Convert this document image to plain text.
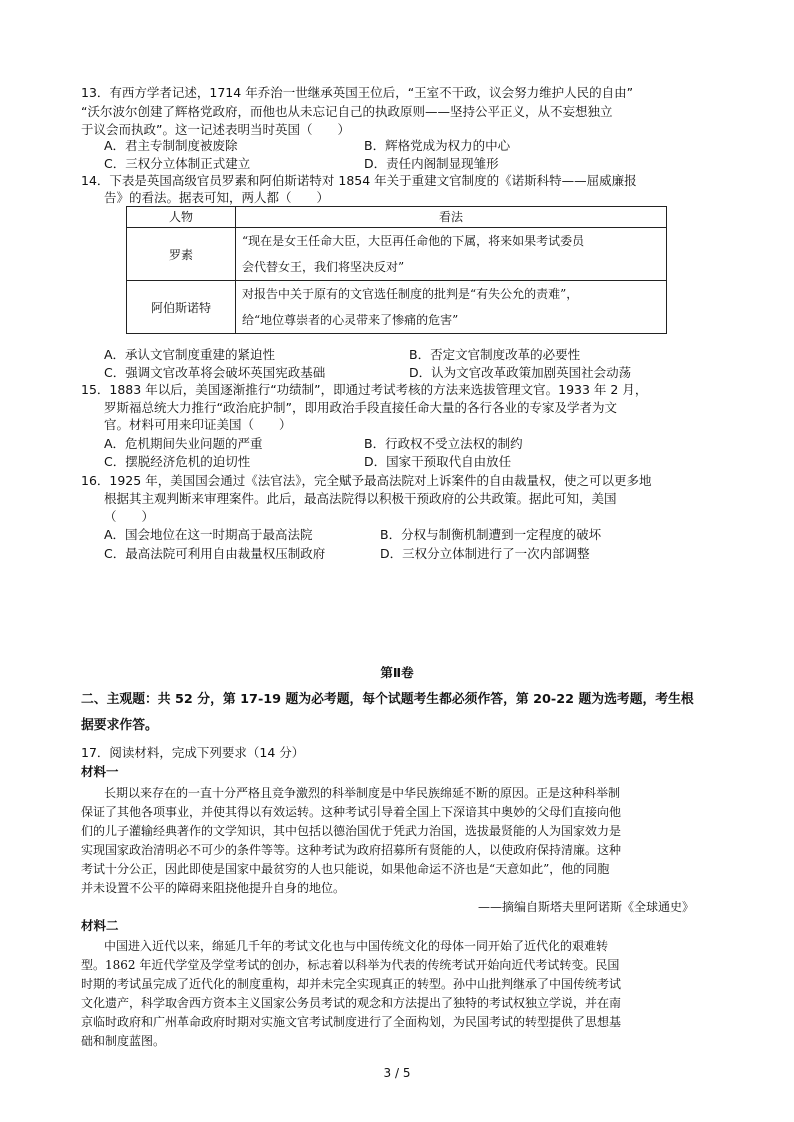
13．有西方学者记述，1714 年乔治一世继承英国王位后，“王室不干政，议会努力维护人民的自由”
“沃尔波尔创建了辉格党政府，而他也从未忘记自己的执政原则——坚持公平正义，从不妄想独立
于议会而执政”。这一记述表明当时英国（　　）
A．君主专制制度被废除	B．辉格党成为权力的中心
C．三权分立体制正式建立	D．责任内阁制显现雏形
14．下表是英国高级官员罗素和阿伯斯诺特对 1854 年关于重建文官制度的《诺斯科特——屈威廉报
告》的看法。据表可知，两人都（　　）
人物	看法
罗素	“现在是女王任命大臣，大臣再任命他的下属，将来如果考试委员
会代替女王，我们将坚决反对”

阿伯斯诺特	对报告中关于原有的文官选任制度的批判是“有失公允的责难”，
给“地位尊崇者的心灵带来了惨痛的危害”
A．承认文官制度重建的紧迫性	B．否定文官制度改革的必要性
C．强调文官改革将会破坏英国宪政基础	D．认为文官改革政策加剧英国社会动荡
15．1883 年以后，美国逐渐推行“功绩制”，即通过考试考核的方法来选拔管理文官。1933 年 2 月，
罗斯福总统大力推行“政治庇护制”，即用政治手段直接任命大量的各行各业的专家及学者为文
官。材料可用来印证美国（　　）
A．危机期间失业问题的严重	B．行政权不受立法权的制约
C．摆脱经济危机的迫切性	D．国家干预取代自由放任
16．1925 年，美国国会通过《法官法》，完全赋予最高法院对上诉案件的自由裁量权，使之可以更多地
根据其主观判断来审理案件。此后，最高法院得以积极干预政府的公共政策。据此可知，美国
（　　）
A．国会地位在这一时期高于最高法院	B．分权与制衡机制遭到一定程度的破坏
C．最高法院可利用自由裁量权压制政府	D．三权分立体制进行了一次内部调整
第Ⅱ卷
二、主观题：共 52 分，第 17-19 题为必考题，每个试题考生都必须作答，第 20-22 题为选考题，考生根
据要求作答。
17．阅读材料，完成下列要求（14 分）
材料一
长期以来存在的一直十分严格且竞争激烈的科举制度是中华民族绵延不断的原因。正是这种科举制
保证了其他各项事业，并使其得以有效运转。这种考试引导着全国上下深谙其中奥妙的父母们直接向他
们的儿子灌输经典著作的文学知识，其中包括以德治国优于凭武力治国，选拔最贤能的人为国家效力是
实现国家政治清明必不可少的条件等等。这种考试为政府招募所有贤能的人，以使政府保持清廉。这种
考试十分公正，因此即使是国家中最贫穷的人也只能说，如果他命运不济也是“天意如此”，他的同胞
并未设置不公平的障碍来阻挠他提升自身的地位。
——摘编自斯塔夫里阿诺斯《全球通史》
材料二
中国进入近代以来，绵延几千年的考试文化也与中国传统文化的母体一同开始了近代化的艰难转
型。1862 年近代学堂及学堂考试的创办，标志着以科举为代表的传统考试开始向近代考试转变。民国
时期的考试虽完成了近代化的制度重构，却并未完全实现真正的转型。孙中山批判继承了中国传统考试
文化遗产，科学取舍西方资本主义国家公务员考试的观念和方法提出了独特的考试权独立学说，并在南
京临时政府和广州革命政府时期对实施文官考试制度进行了全面构划，为民国考试的转型提供了思想基
础和制度蓝图。
3 / 5
